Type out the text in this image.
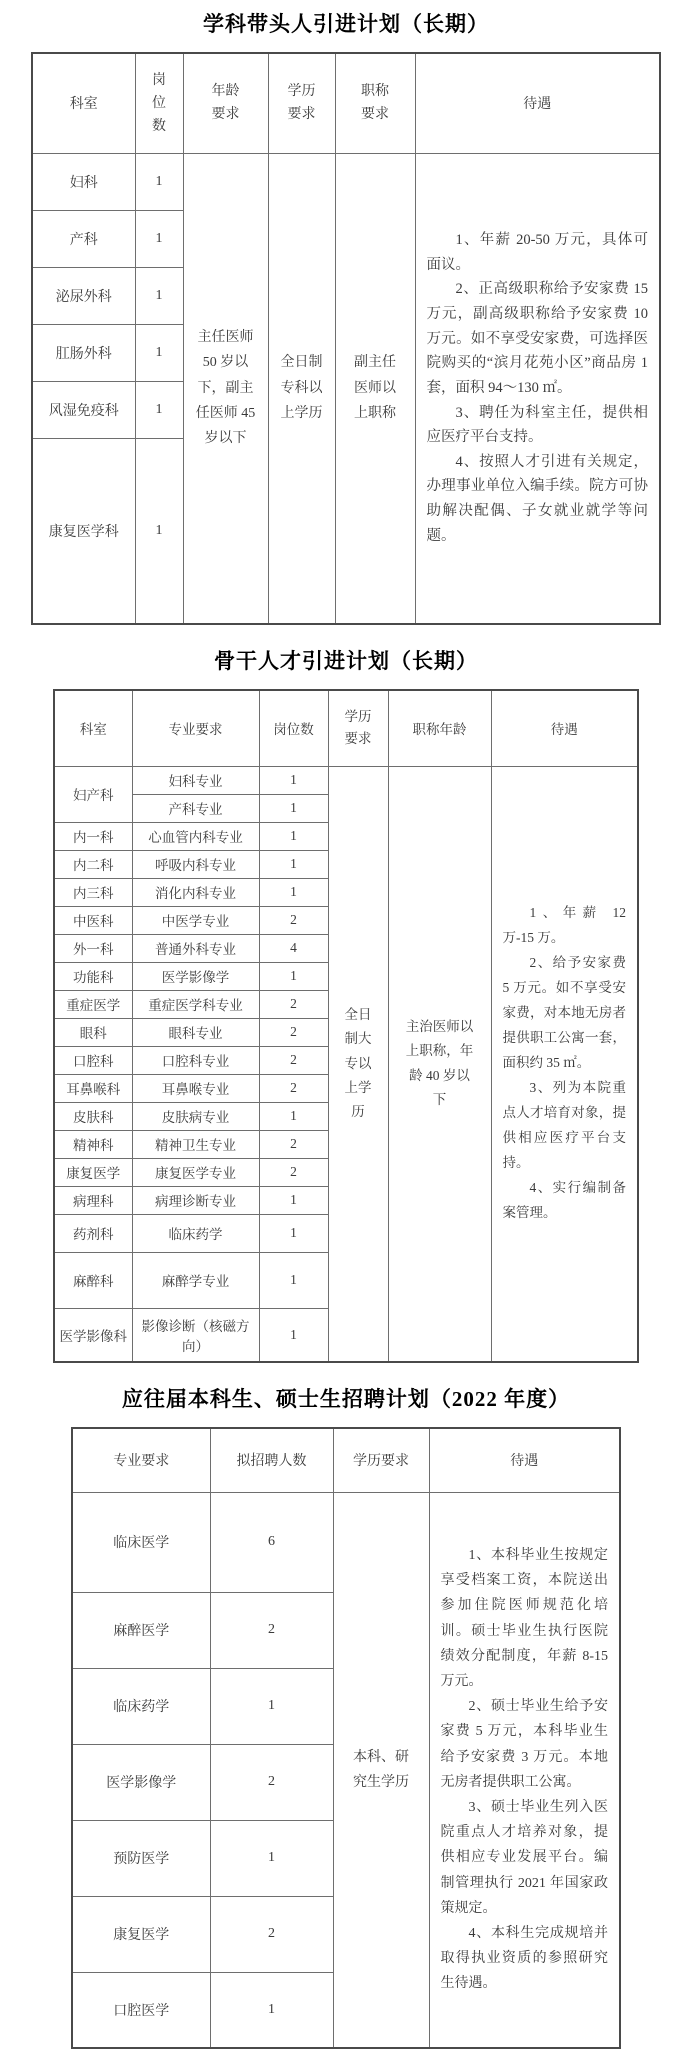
学科带头人引进计划（长期）
科室	岗位数	年龄要求	学历要求	职称要求	待遇
妇科	1	主任医师 50 岁以下，副主任医师 45 岁以下	全日制专科以上学历	副主任医师以上职称	1、年薪 20-50 万元，具体可面议。

2、正高级职称给予安家费 15 万元，副高级职称给予安家费 10 万元。如不享受安家费，可选择医院购买的“滨月花苑小区”商品房 1 套，面积 94～130 ㎡。

3、聘任为科室主任，提供相应医疗平台支持。

4、按照人才引进有关规定，办理事业单位入编手续。院方可协助解决配偶、子女就业就学等问题。

产科	1				
泌尿外科	1				
肛肠外科	1				
风湿免疫科	1				
康复医学科	1				
骨干人才引进计划（长期）
科室	专业要求	岗位数	学历要求	职称年龄	待遇
妇产科	妇科专业	1	全日制大专以上学历	主治医师以上职称，年龄 40 岁以下	1、年薪 12 万-15 万。

2、给予安家费 5 万元。如不享受安家费，对本地无房者提供职工公寓一套，面积约 35 ㎡。

3、列为本院重点人才培育对象，提供相应医疗平台支持。

4、实行编制备案管理。

	产科专业	1			
内一科	心血管内科专业	1			
内二科	呼吸内科专业	1			
内三科	消化内科专业	1			
中医科	中医学专业	2			
外一科	普通外科专业	4			
功能科	医学影像学	1			
重症医学	重症医学科专业	2			
眼科	眼科专业	2			
口腔科	口腔科专业	2			
耳鼻喉科	耳鼻喉专业	2			
皮肤科	皮肤病专业	1			
精神科	精神卫生专业	2			
康复医学	康复医学专业	2			
病理科	病理诊断专业	1			
药剂科	临床药学	1			
麻醉科	麻醉学专业	1			
医学影像科	影像诊断（核磁方向）	1			
应往届本科生、硕士生招聘计划（2022 年度）
专业要求	拟招聘人数	学历要求	待遇
临床医学	6	本科、研究生学历	1、本科毕业生按规定享受档案工资，本院送出参加住院医师规范化培训。硕士毕业生执行医院绩效分配制度，年薪 8-15 万元。

2、硕士毕业生给予安家费 5 万元，本科毕业生给予安家费 3 万元。本地无房者提供职工公寓。

3、硕士毕业生列入医院重点人才培养对象，提供相应专业发展平台。编制管理执行 2021 年国家政策规定。

4、本科生完成规培并取得执业资质的参照研究生待遇。

麻醉医学	2		
临床药学	1		
医学影像学	2		
预防医学	1		
康复医学	2		
口腔医学	1		
